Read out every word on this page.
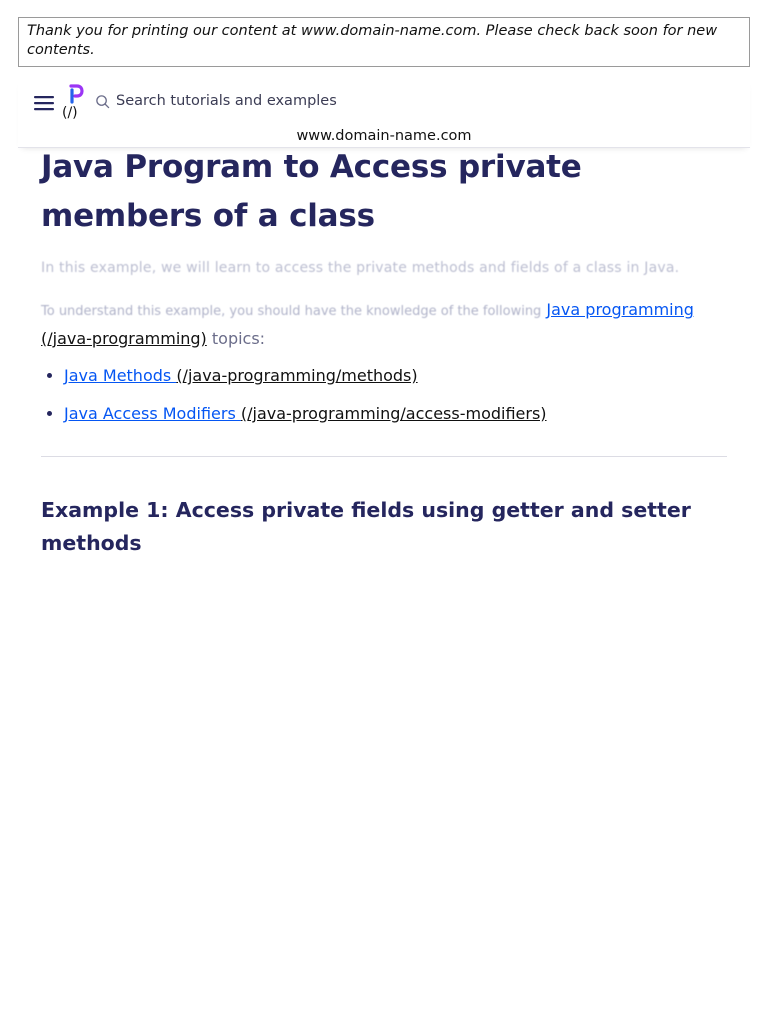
Thank you for printing our content at www.domain-name.com. Please check back soon for new contents.
(/)
Search tutorials and examples
www.domain-name.com
Java Program to Access private members of a class

In this example, we will learn to access the private methods and fields of a class in Java.

To understand this example, you should have the knowledge of the following Java programming (/java-programming) topics:

Java Methods (/java-programming/methods)
Java Access Modifiers (/java-programming/access-modifiers)
Example 1: Access private fields using getter and setter methods
